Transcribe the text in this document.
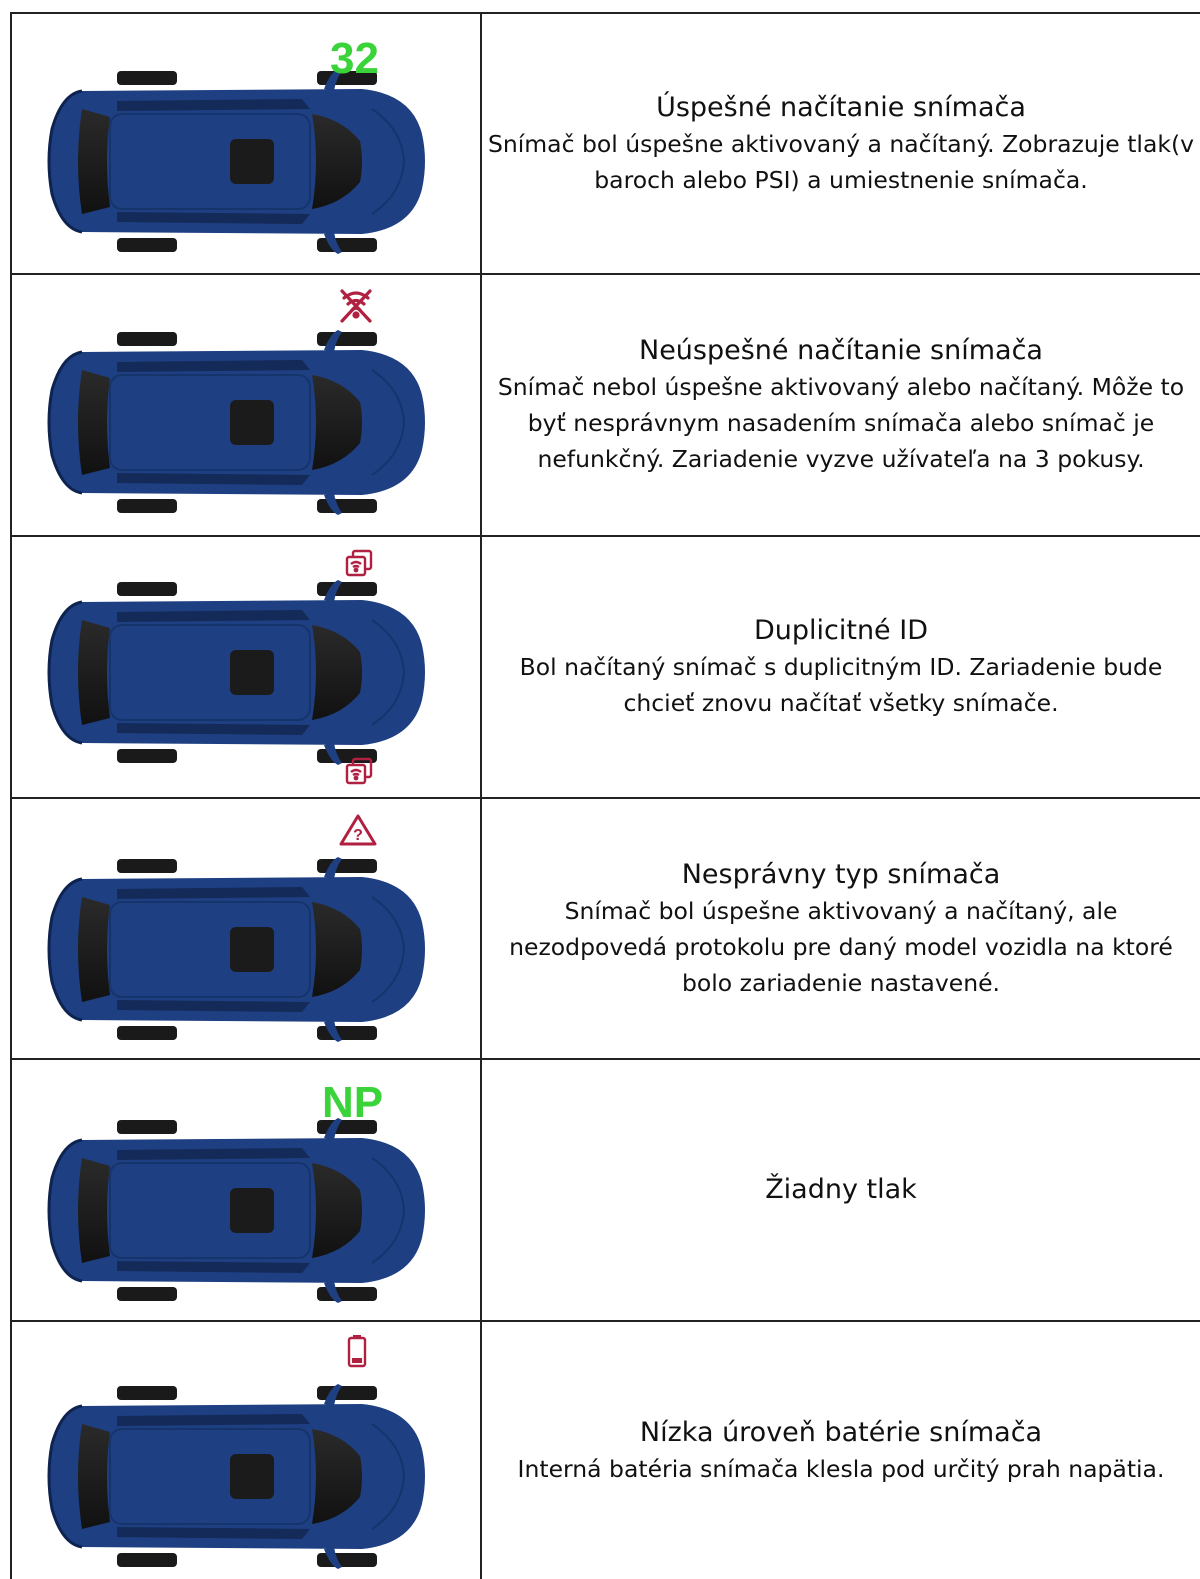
32
Úspešné načítanie snímača
Snímač bol úspešne aktivovaný a načítaný. Zobrazuje tlak(v baroch alebo PSI) a umiestnenie snímača.
Neúspešné načítanie snímača
Snímač nebol úspešne aktivovaný alebo načítaný. Môže to byť nesprávnym nasadením snímača alebo snímač je nefunkčný. Zariadenie vyzve užívateľa na 3 pokusy.
Duplicitné ID
Bol načítaný snímač s duplicitným ID. Zariadenie bude chcieť znovu načítať všetky snímače.
?
Nesprávny typ snímača
Snímač bol úspešne aktivovaný a načítaný, ale nezodpovedá protokolu pre daný model vozidla na ktoré bolo zariadenie nastavené.
NP
Žiadny tlak
Nízka úroveň batérie snímača
Interná batéria snímača klesla pod určitý prah napätia.
